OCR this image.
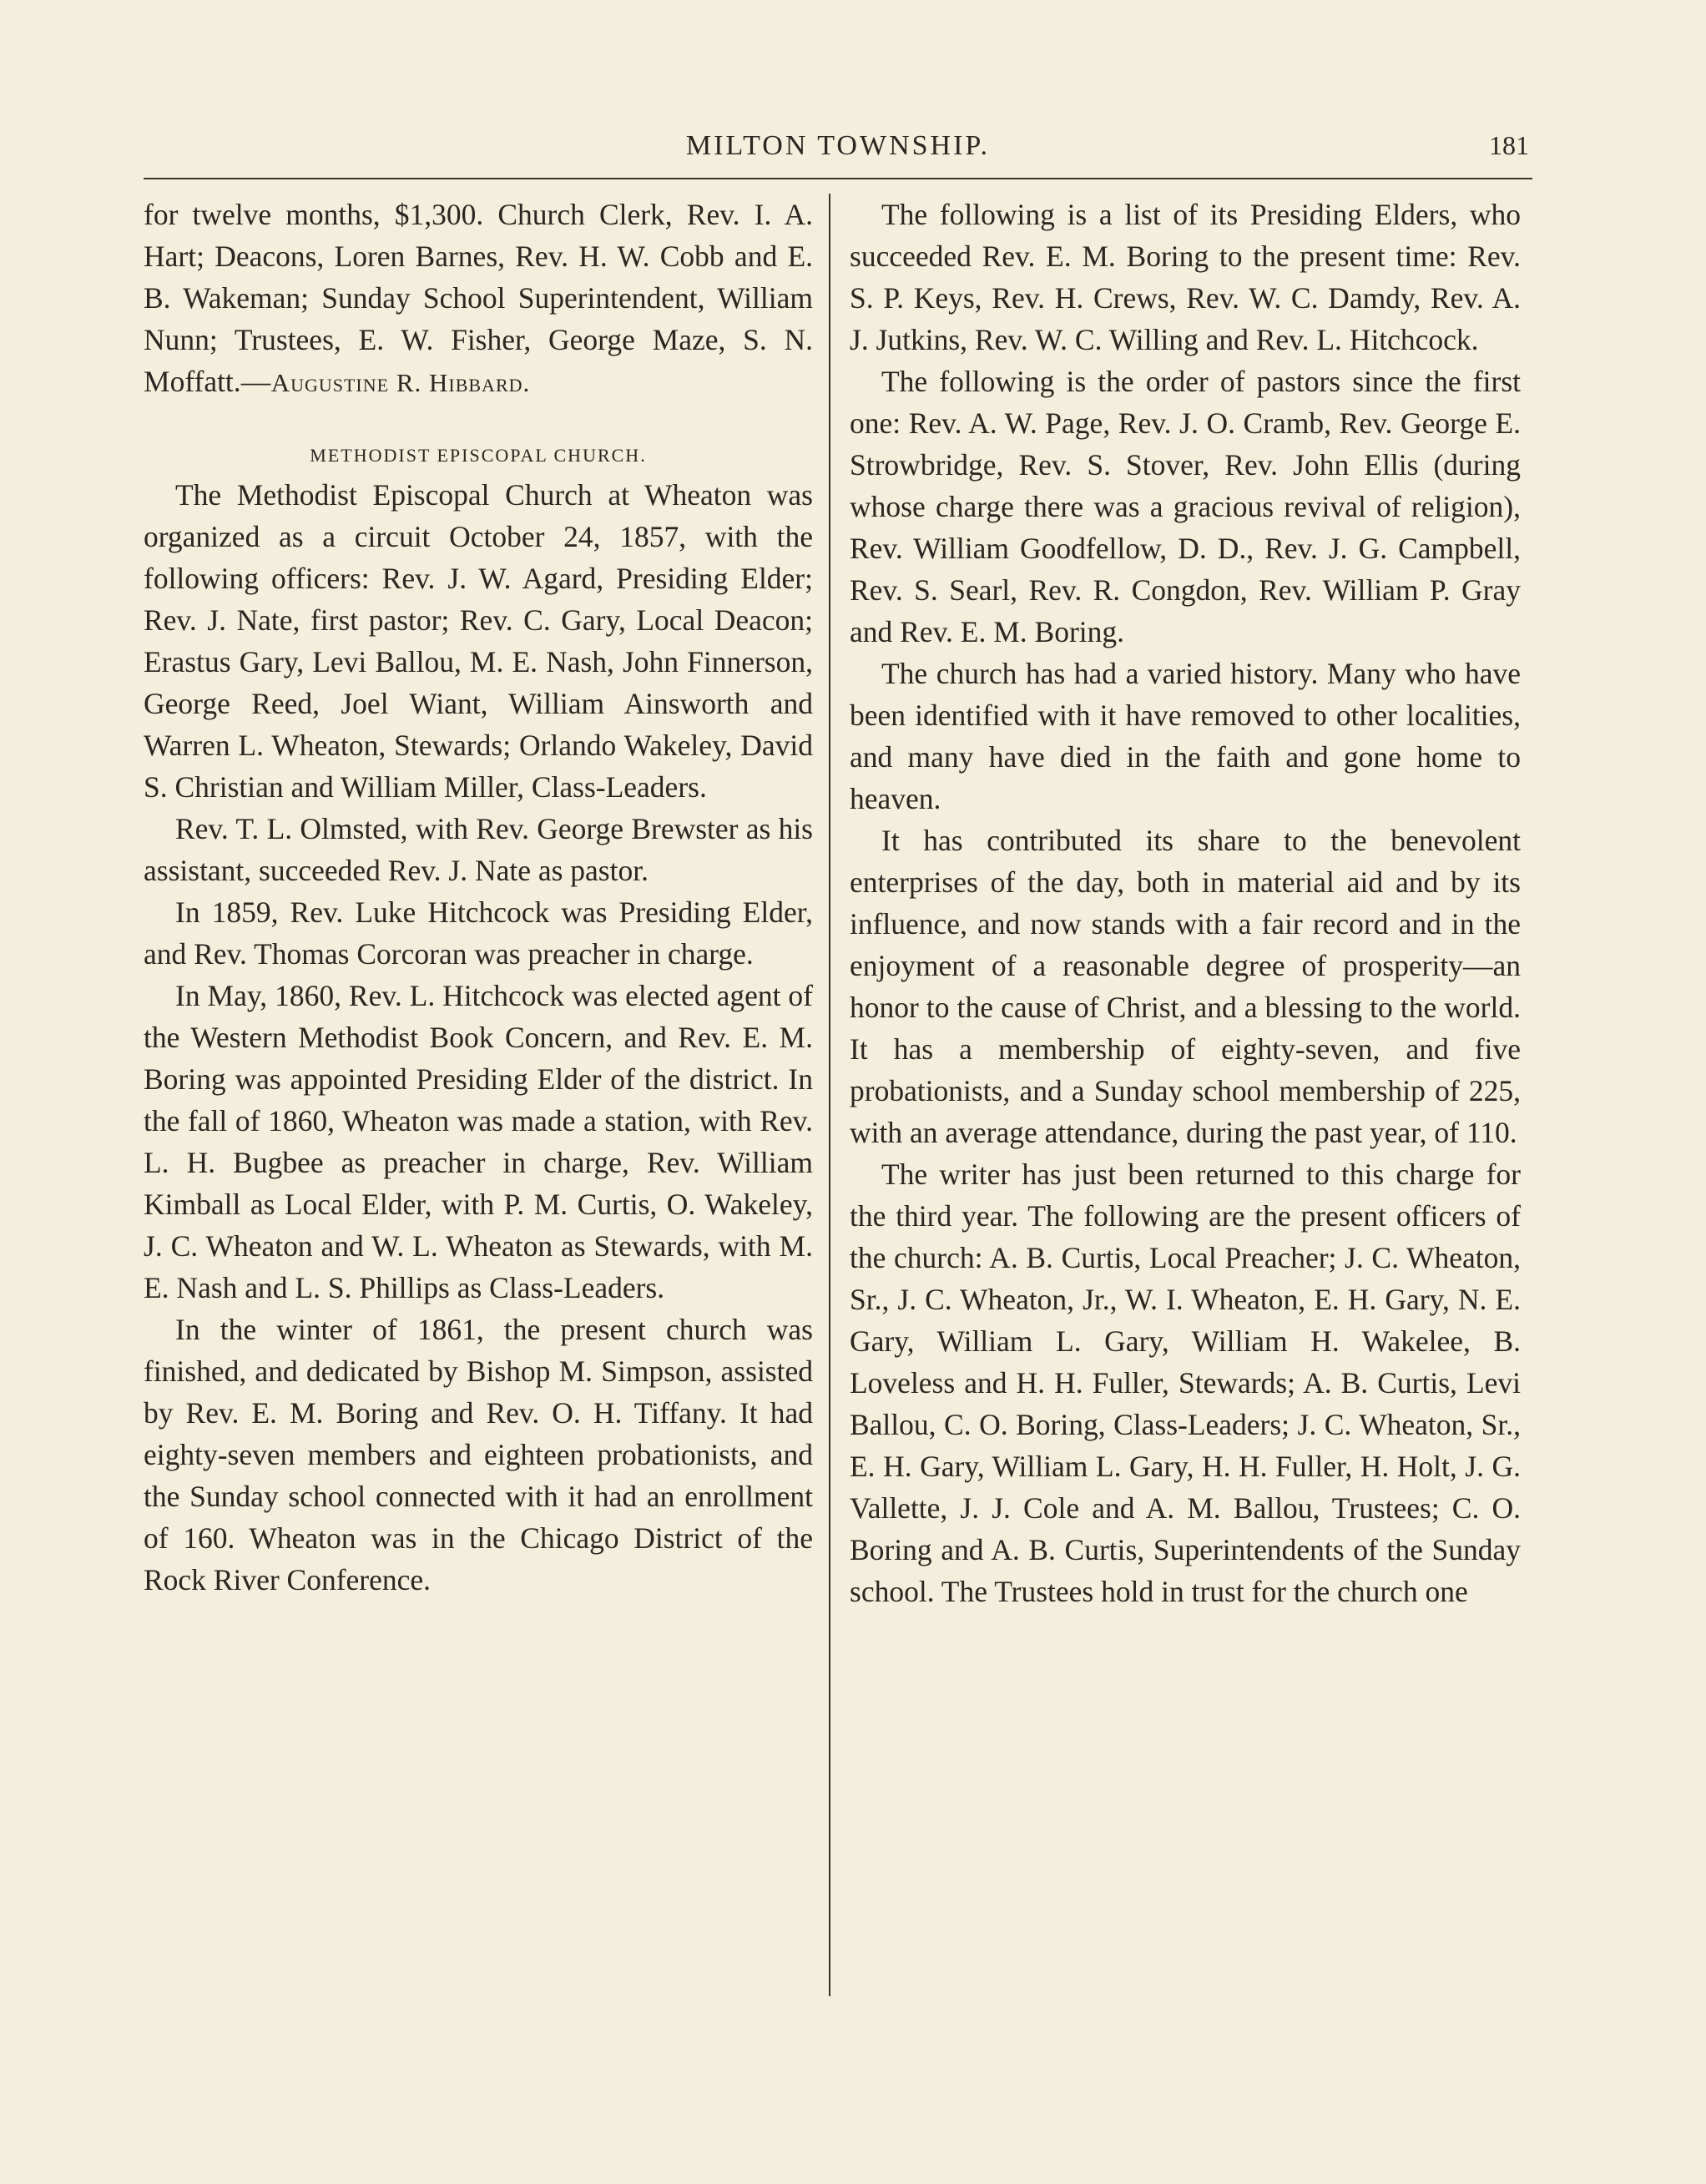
MILTON TOWNSHIP.	181

for twelve months, $1,300. Church Clerk, Rev. I. A. Hart; Deacons, Loren Barnes, Rev. H. W. Cobb and E. B. Wakeman; Sunday School Superintendent, William Nunn; Trustees, E. W. Fisher, George Maze, S. N. Moffatt.—Augustine R. Hibbard.

METHODIST EPISCOPAL CHURCH.

The Methodist Episcopal Church at Wheaton was organized as a circuit October 24, 1857, with the following officers: Rev. J. W. Agard, Presiding Elder; Rev. J. Nate, first pastor; Rev. C. Gary, Local Deacon; Erastus Gary, Levi Ballou, M. E. Nash, John Finnerson, George Reed, Joel Wiant, William Ainsworth and Warren L. Wheaton, Stewards; Orlando Wakeley, David S. Christian and William Miller, Class-Leaders.

Rev. T. L. Olmsted, with Rev. George Brewster as his assistant, succeeded Rev. J. Nate as pastor.

In 1859, Rev. Luke Hitchcock was Presiding Elder, and Rev. Thomas Corcoran was preacher in charge.

In May, 1860, Rev. L. Hitchcock was elected agent of the Western Methodist Book Concern, and Rev. E. M. Boring was appointed Presiding Elder of the district. In the fall of 1860, Wheaton was made a station, with Rev. L. H. Bugbee as preacher in charge, Rev. William Kimball as Local Elder, with P. M. Curtis, O. Wakeley, J. C. Wheaton and W. L. Wheaton as Stewards, with M. E. Nash and L. S. Phillips as Class-Leaders.

In the winter of 1861, the present church was finished, and dedicated by Bishop M. Simpson, assisted by Rev. E. M. Boring and Rev. O. H. Tiffany. It had eighty-seven members and eighteen probationists, and the Sunday school connected with it had an enrollment of 160. Wheaton was in the Chicago District of the Rock River Conference.

The following is a list of its Presiding Elders, who succeeded Rev. E. M. Boring to the present time: Rev. S. P. Keys, Rev. H. Crews, Rev. W. C. Damdy, Rev. A. J. Jutkins, Rev. W. C. Willing and Rev. L. Hitchcock.

The following is the order of pastors since the first one: Rev. A. W. Page, Rev. J. O. Cramb, Rev. George E. Strowbridge, Rev. S. Stover, Rev. John Ellis (during whose charge there was a gracious revival of religion), Rev. William Goodfellow, D. D., Rev. J. G. Campbell, Rev. S. Searl, Rev. R. Congdon, Rev. William P. Gray and Rev. E. M. Boring.

The church has had a varied history. Many who have been identified with it have removed to other localities, and many have died in the faith and gone home to heaven.

It has contributed its share to the benevolent enterprises of the day, both in material aid and by its influence, and now stands with a fair record and in the enjoyment of a reasonable degree of prosperity—an honor to the cause of Christ, and a blessing to the world. It has a membership of eighty-seven, and five probationists, and a Sunday school membership of 225, with an average attendance, during the past year, of 110.

The writer has just been returned to this charge for the third year. The following are the present officers of the church: A. B. Curtis, Local Preacher; J. C. Wheaton, Sr., J. C. Wheaton, Jr., W. I. Wheaton, E. H. Gary, N. E. Gary, William L. Gary, William H. Wakelee, B. Loveless and H. H. Fuller, Stewards; A. B. Curtis, Levi Ballou, C. O. Boring, Class-Leaders; J. C. Wheaton, Sr., E. H. Gary, William L. Gary, H. H. Fuller, H. Holt, J. G. Vallette, J. J. Cole and A. M. Ballou, Trustees; C. O. Boring and A. B. Curtis, Superintendents of the Sunday school. The Trustees hold in trust for the church one
